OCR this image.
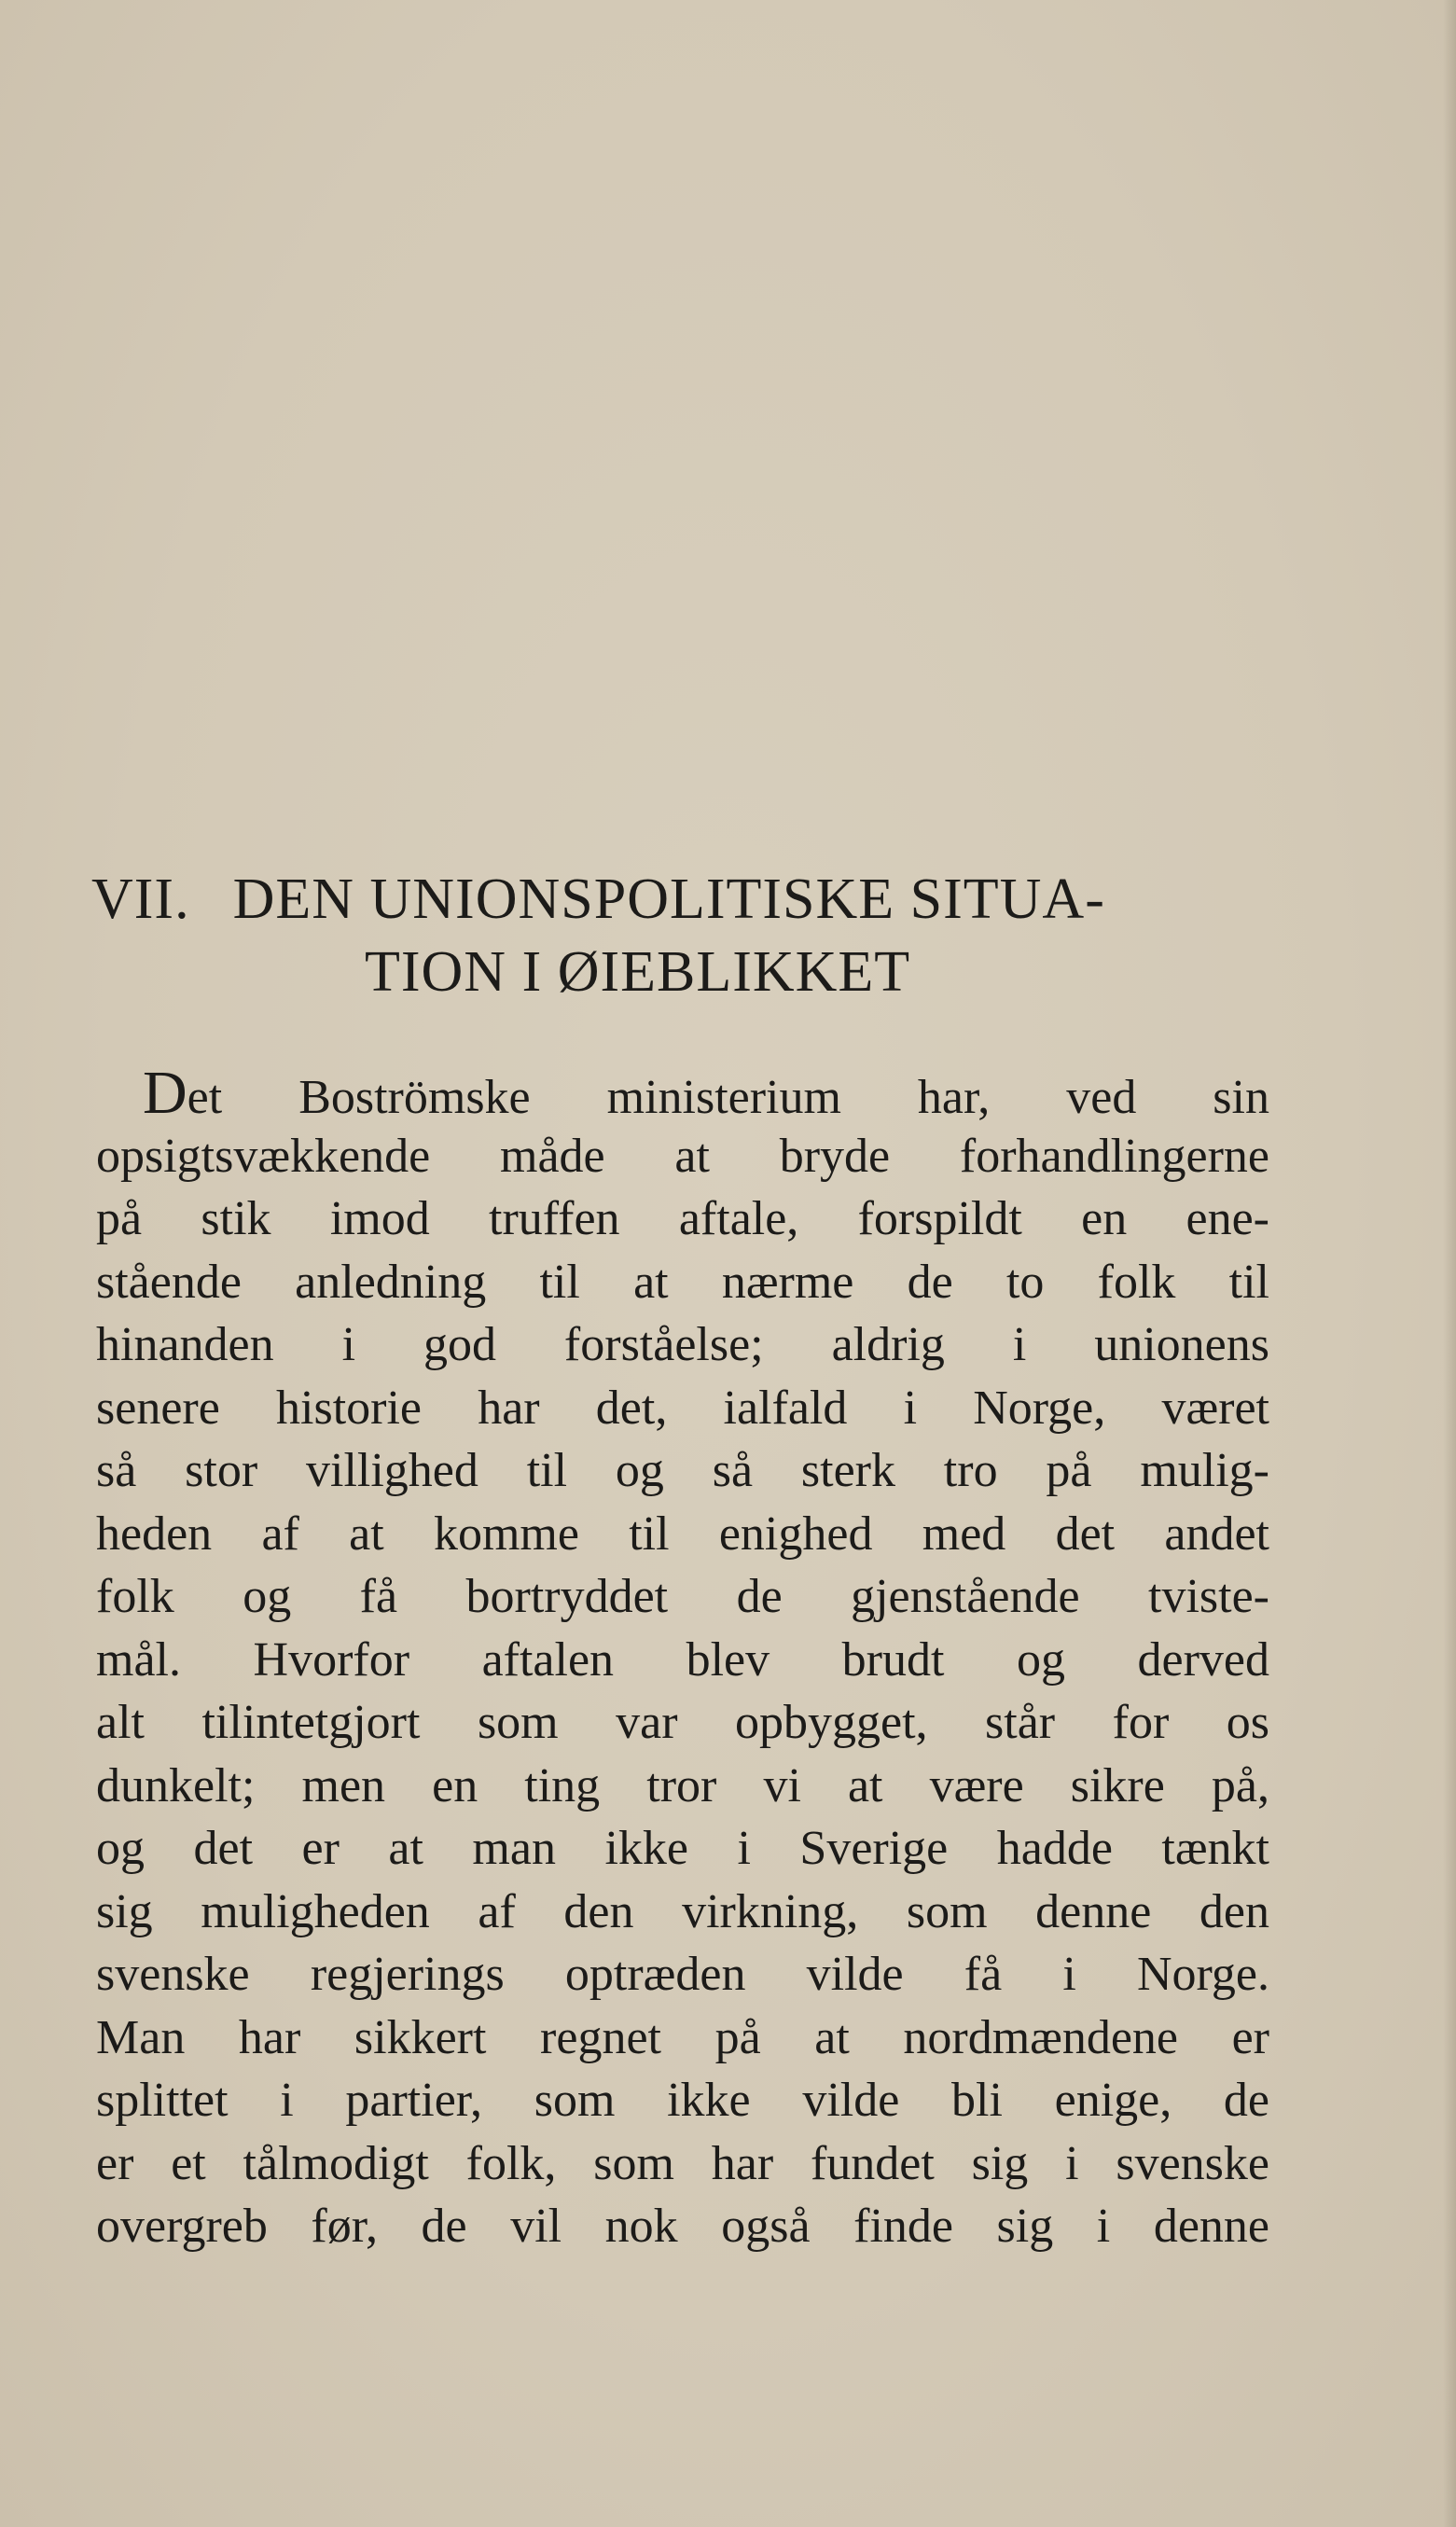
VII. DEN UNIONSPOLITISKE SITUA-
TION I ØIEBLIKKET
Det Boströmske ministerium har, ved sin
opsigtsvækkende måde at bryde forhandlingerne
på stik imod truffen aftale, forspildt en ene-
stående anledning til at nærme de to folk til
hinanden i god forståelse; aldrig i unionens
senere historie har det, ialfald i Norge, været
så stor villighed til og så sterk tro på mulig-
heden af at komme til enighed med det andet
folk og få bortryddet de gjenstående tviste-
mål. Hvorfor aftalen blev brudt og derved
alt tilintetgjort som var opbygget, står for os
dunkelt; men en ting tror vi at være sikre på,
og det er at man ikke i Sverige hadde tænkt
sig muligheden af den virkning, som denne den
svenske regjerings optræden vilde få i Norge.
Man har sikkert regnet på at nordmændene er
splittet i partier, som ikke vilde bli enige, de
er et tålmodigt folk, som har fundet sig i svenske
overgreb før, de vil nok også finde sig i denne
